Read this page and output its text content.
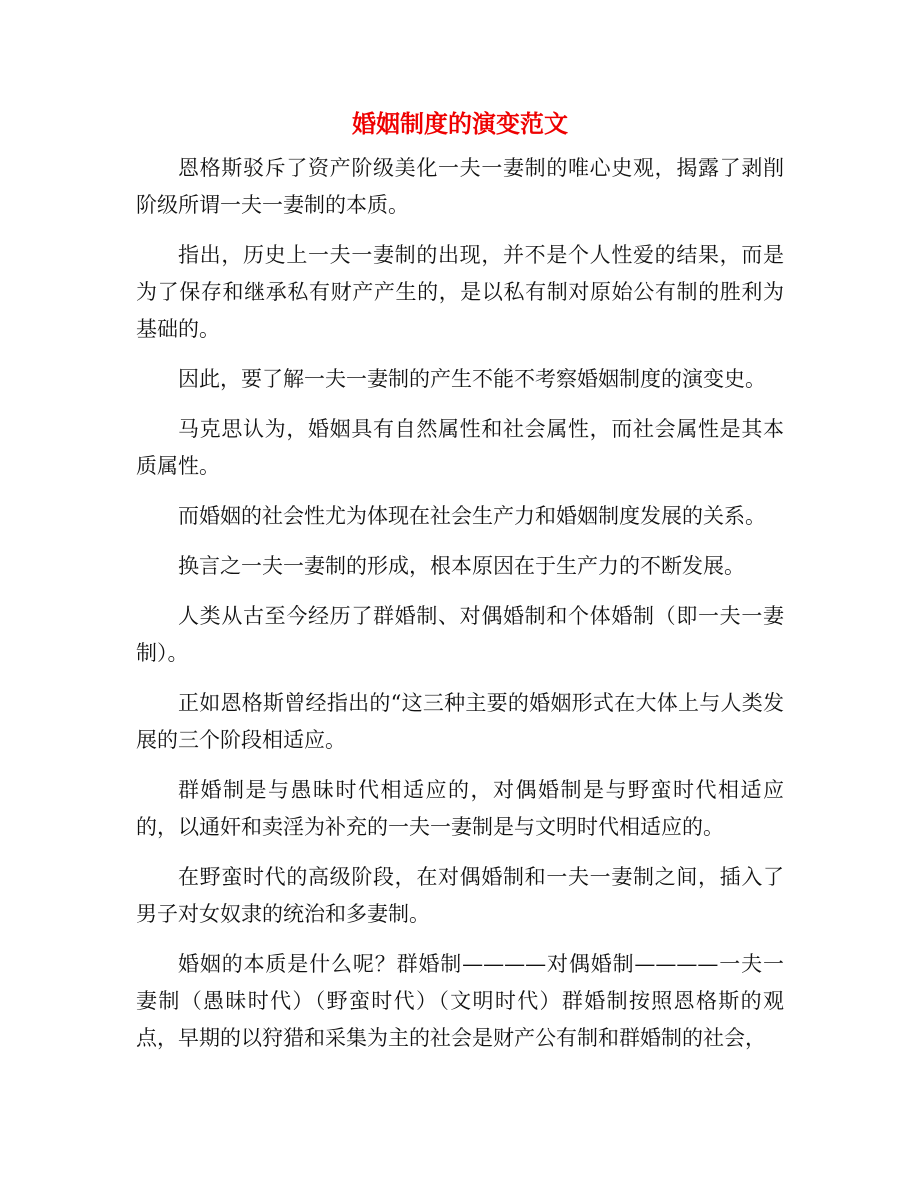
婚姻制度的演变范文

恩格斯驳斥了资产阶级美化一夫一妻制的唯心史观，揭露了剥削阶级所谓一夫一妻制的本质。

指出，历史上一夫一妻制的出现，并不是个人性爱的结果，而是为了保存和继承私有财产产生的，是以私有制对原始公有制的胜利为基础的。

因此，要了解一夫一妻制的产生不能不考察婚姻制度的演变史。

马克思认为，婚姻具有自然属性和社会属性，而社会属性是其本质属性。

而婚姻的社会性尤为体现在社会生产力和婚姻制度发展的关系。

换言之一夫一妻制的形成，根本原因在于生产力的不断发展。

人类从古至今经历了群婚制、对偶婚制和个体婚制（即一夫一妻制）。

正如恩格斯曾经指出的“这三种主要的婚姻形式在大体上与人类发展的三个阶段相适应。

群婚制是与愚昧时代相适应的，对偶婚制是与野蛮时代相适应的，以通奸和卖淫为补充的一夫一妻制是与文明时代相适应的。

在野蛮时代的高级阶段，在对偶婚制和一夫一妻制之间，插入了男子对女奴隶的统治和多妻制。

婚姻的本质是什么呢？群婚制————对偶婚制————一夫一妻制（愚昧时代）（野蛮时代）（文明时代）群婚制按照恩格斯的观点，早期的以狩猎和采集为主的社会是财产公有制和群婚制的社会，
